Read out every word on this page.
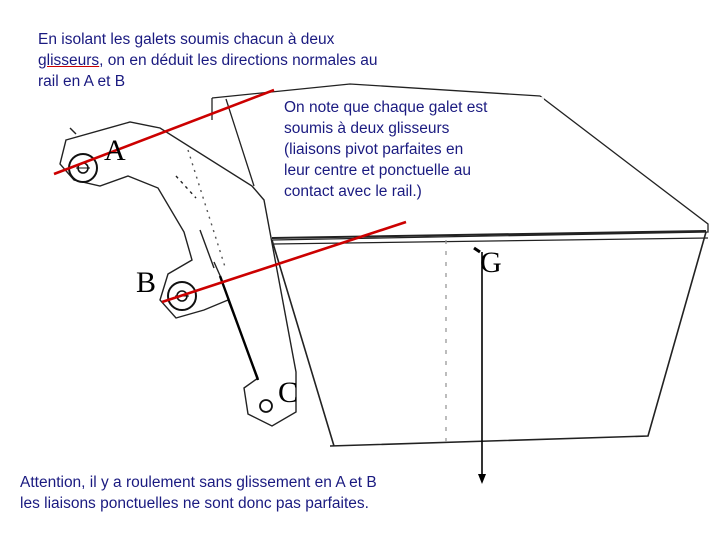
A
B
C
G

En isolant les galets soumis chacun à deux
glisseurs, on en déduit les directions normales au
rail en A et B

On note que chaque galet est
soumis à deux glisseurs
(liaisons pivot parfaites en
leur centre et ponctuelle au
contact avec le rail.)

Attention, il y a roulement sans glissement en A et B
les liaisons ponctuelles ne sont donc pas parfaites.
